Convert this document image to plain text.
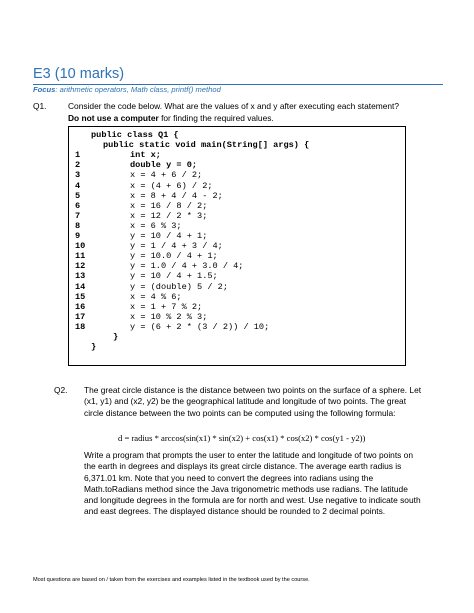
E3 (10 marks)
Focus: arithmetic operators, Math class, printf() method
Q1.	Consider the code below. What are the values of x and y after executing each statement?
Do not use a computer for finding the required values.
public class Q1 {
public static void main(String[] args) {
1	int x;
2	double y = 0;
3	x = 4 + 6 / 2;
4	x = (4 + 6) / 2;
5	x = 8 + 4 / 4 - 2;
6	x = 16 / 8 / 2;
7	x = 12 / 2 * 3;
8	x = 6 % 3;
9	y = 10 / 4 + 1;
10	y = 1 / 4 + 3 / 4;
11	y = 10.0 / 4 + 1;
12	y = 1.0 / 4 + 3.0 / 4;
13	y = 10 / 4 + 1.5;
14	y = (double) 5 / 2;
15	x = 4 % 6;
16	x = 1 + 7 % 2;
17	x = 10 % 2 % 3;
18	y = (6 + 2 * (3 / 2)) / 10;
}
}
Q2. The great circle distance is the distance between two points on the surface of a sphere. Let (x1, y1) and (x2, y2) be the geographical latitude and longitude of two points. The great circle distance between the two points can be computed using the following formula:
d = radius * arccos(sin(x1) * sin(x2) + cos(x1) * cos(x2) * cos(y1 - y2))
Write a program that prompts the user to enter the latitude and longitude of two points on the earth in degrees and displays its great circle distance. The average earth radius is 6,371.01 km. Note that you need to convert the degrees into radians using the Math.toRadians method since the Java trigonometric methods use radians. The latitude and longitude degrees in the formula are for north and west. Use negative to indicate south and east degrees. The displayed distance should be rounded to 2 decimal points.
Most questions are based on / taken from the exercises and examples listed in the textbook used by the course.
